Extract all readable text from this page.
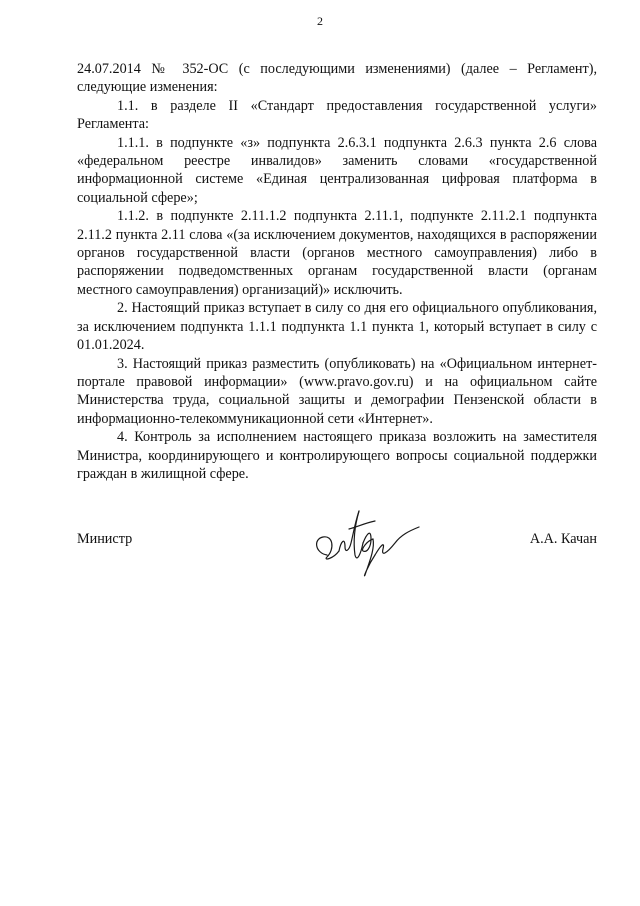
2

24.07.2014 № 352-ОС (с последующими изменениями) (далее – Регламент), следующие изменения:

1.1. в разделе II «Стандарт предоставления государственной услуги» Регламента:

1.1.1. в подпункте «з» подпункта 2.6.3.1 подпункта 2.6.3 пункта 2.6 слова «федеральном реестре инвалидов» заменить словами «государственной информационной системе «Единая централизованная цифровая платформа в социальной сфере»;

1.1.2. в подпункте 2.11.1.2 подпункта 2.11.1, подпункте 2.11.2.1 подпункта 2.11.2 пункта 2.11 слова «(за исключением документов, находящихся в распоряжении органов государственной власти (органов местного самоуправления) либо в распоряжении подведомственных органам государственной власти (органам местного самоуправления) организаций)» исключить.

2. Настоящий приказ вступает в силу со дня его официального опубликования, за исключением подпункта 1.1.1 подпункта 1.1 пункта 1, который вступает в силу с 01.01.2024.

3. Настоящий приказ разместить (опубликовать) на «Официальном интернет-портале правовой информации» (www.pravo.gov.ru) и на официальном сайте Министерства труда, социальной защиты и демографии Пензенской области в информационно-телекоммуникационной сети «Интернет».

4. Контроль за исполнением настоящего приказа возложить на заместителя Министра, координирующего и контролирующего вопросы социальной поддержки граждан в жилищной сфере.

Министр	А.А. Качан
